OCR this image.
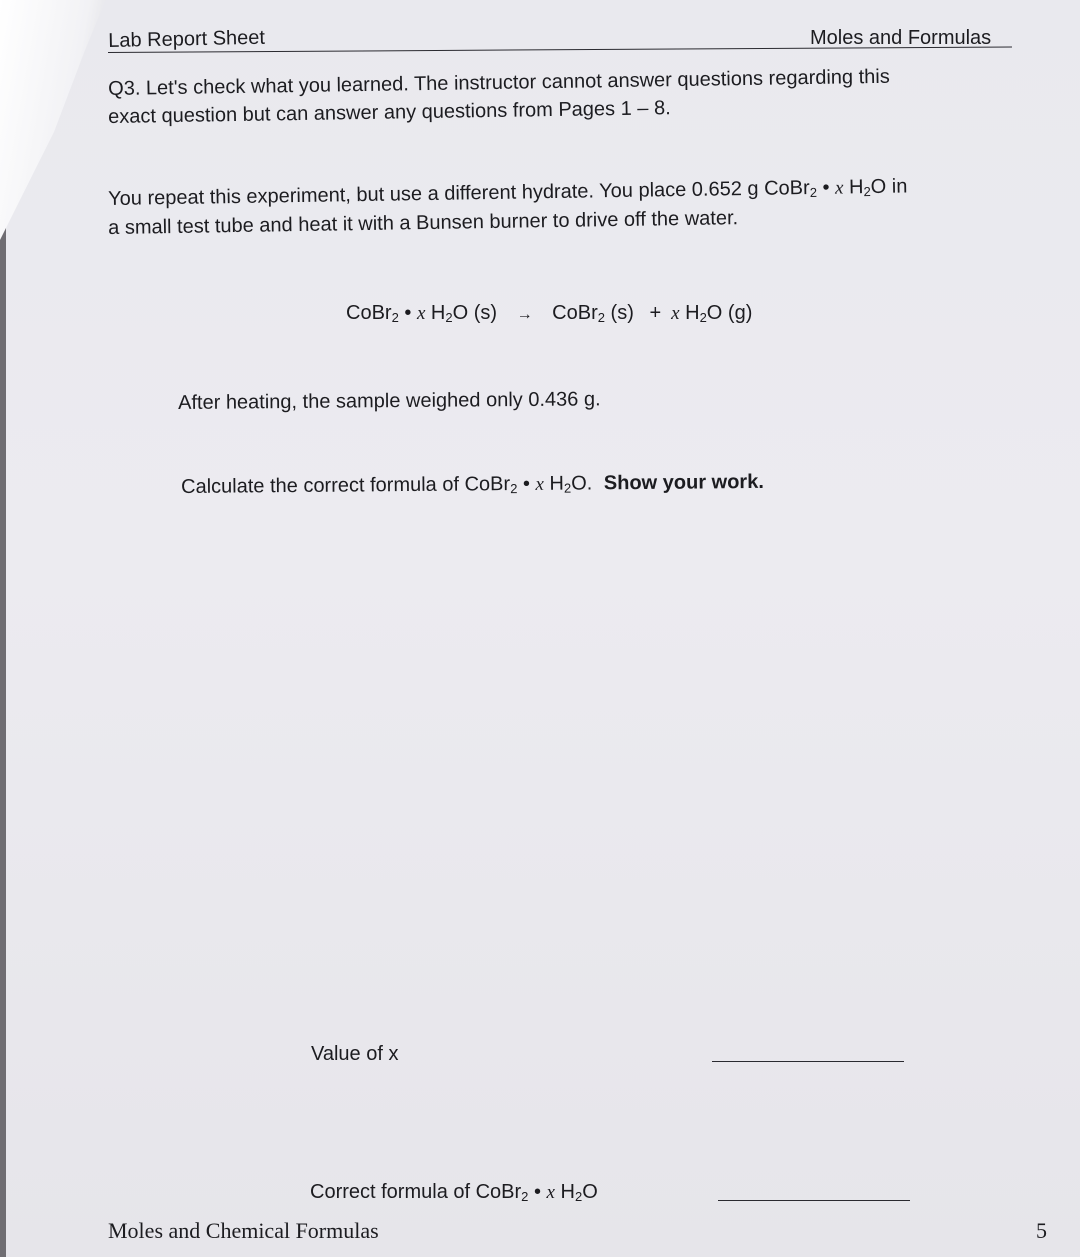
Lab Report Sheet	Moles and Formulas
Q3. Let's check what you learned. The instructor cannot answer questions regarding this
exact question but can answer any questions from Pages 1 – 8.
You repeat this experiment, but use a different hydrate. You place 0.652 g CoBr$_2$ • x $H_2O$ in
a small test tube and heat it with a Bunsen burner to drive off the water.
CoBr$_2$ • x $H_2O$ (s) → CoBr$_2$ (s) + x $H_2O$ (g)
After heating, the sample weighed only 0.436 g.
Calculate the correct formula of CoBr$_2$ • x $H_2O$. Show your work.
Value of x
Correct formula of CoBr$_2$ • x $H_2O$
Moles and Chemical Formulas	5
